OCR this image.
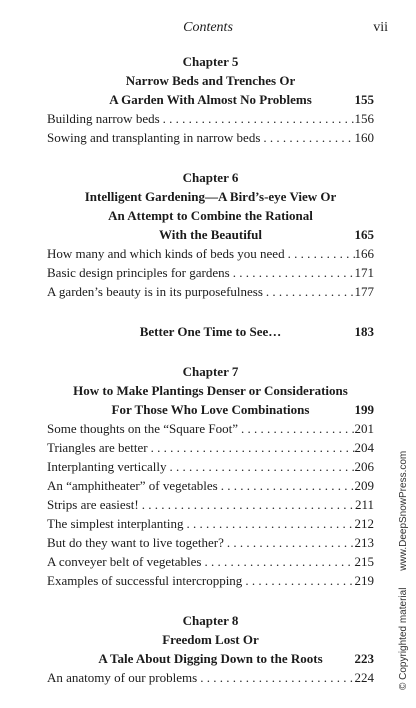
Contents	vii
Chapter 5
Narrow Beds and Trenches Or
A Garden With Almost No Problems	155
Building narrow beds . . .	156
Sowing and transplanting in narrow beds . . .	160
Chapter 6
Intelligent Gardening—A Bird’s-eye View Or
An Attempt to Combine the Rational
With the Beautiful	165
How many and which kinds of beds you need . . .	166
Basic design principles for gardens . . .	171
A garden’s beauty is in its purposefulness . . .	177
Better One Time to See…	183
Chapter 7
How to Make Plantings Denser or Considerations
For Those Who Love Combinations	199
Some thoughts on the “Square Foot” . . .	201
Triangles are better . . .	204
Interplanting vertically . . .	206
An “amphitheater” of vegetables . . .	209
Strips are easiest! . . .	211
The simplest interplanting . . .	212
But do they want to live together? . . .	213
A conveyer belt of vegetables . . .	215
Examples of successful intercropping . . .	219
Chapter 8
Freedom Lost Or
A Tale About Digging Down to the Roots 223
An anatomy of our problems . . .	224 © Copyrighted material www.DeepSnowPress.com
